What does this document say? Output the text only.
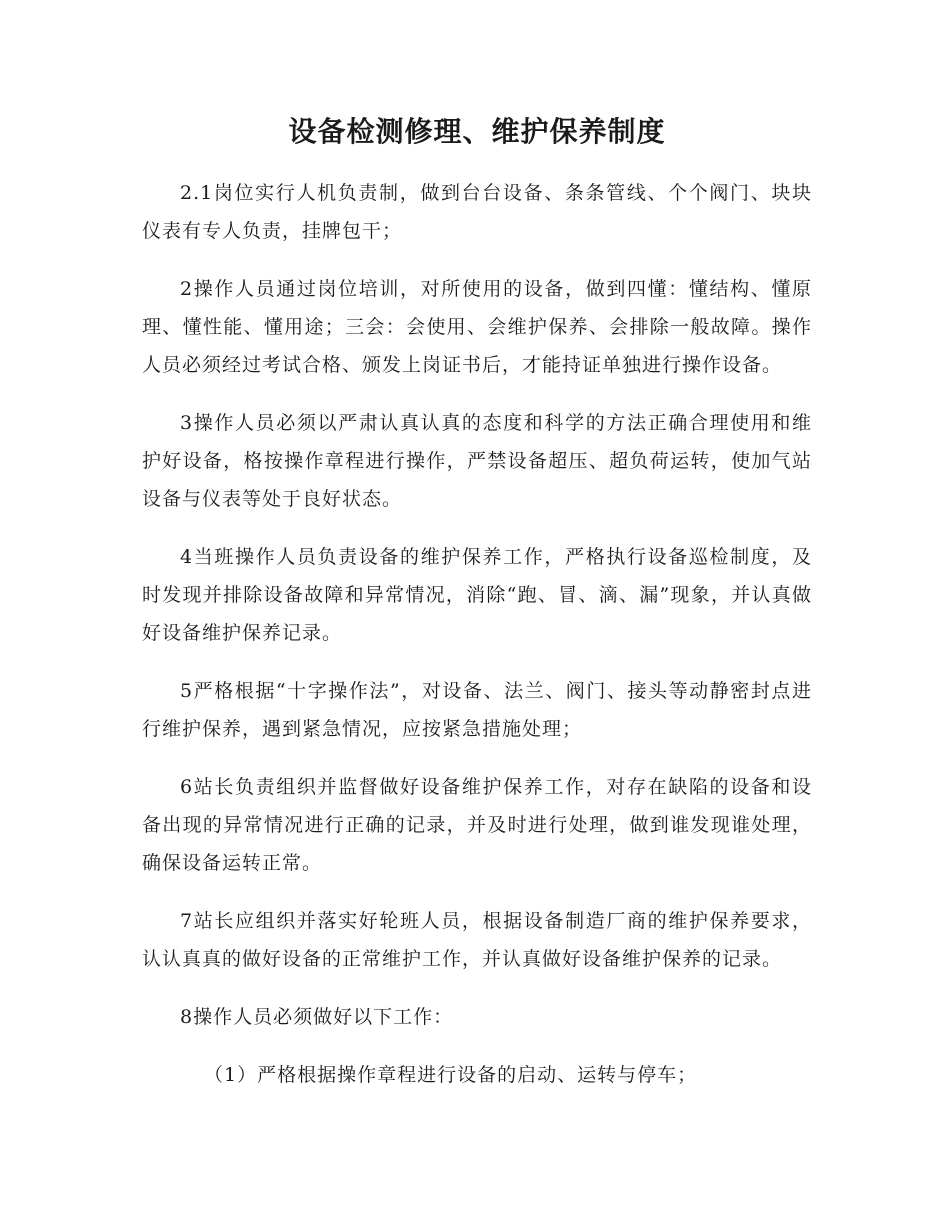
设备检测修理、维护保养制度

2.1岗位实行人机负责制，做到台台设备、条条管线、个个阀门、块块仪表有专人负责，挂牌包干；

2操作人员通过岗位培训，对所使用的设备，做到四懂：懂结构、懂原理、懂性能、懂用途；三会：会使用、会维护保养、会排除一般故障。操作人员必须经过考试合格、颁发上岗证书后，才能持证单独进行操作设备。

3操作人员必须以严肃认真认真的态度和科学的方法正确合理使用和维护好设备，格按操作章程进行操作，严禁设备超压、超负荷运转，使加气站设备与仪表等处于良好状态。

4当班操作人员负责设备的维护保养工作，严格执行设备巡检制度，及时发现并排除设备故障和异常情况，消除“跑、冒、滴、漏”现象，并认真做好设备维护保养记录。

5严格根据“十字操作法”，对设备、法兰、阀门、接头等动静密封点进行维护保养，遇到紧急情况，应按紧急措施处理；

6站长负责组织并监督做好设备维护保养工作，对存在缺陷的设备和设备出现的异常情况进行正确的记录，并及时进行处理，做到谁发现谁处理，确保设备运转正常。

7站长应组织并落实好轮班人员，根据设备制造厂商的维护保养要求，认认真真的做好设备的正常维护工作，并认真做好设备维护保养的记录。

8操作人员必须做好以下工作：

（1）严格根据操作章程进行设备的启动、运转与停车；
